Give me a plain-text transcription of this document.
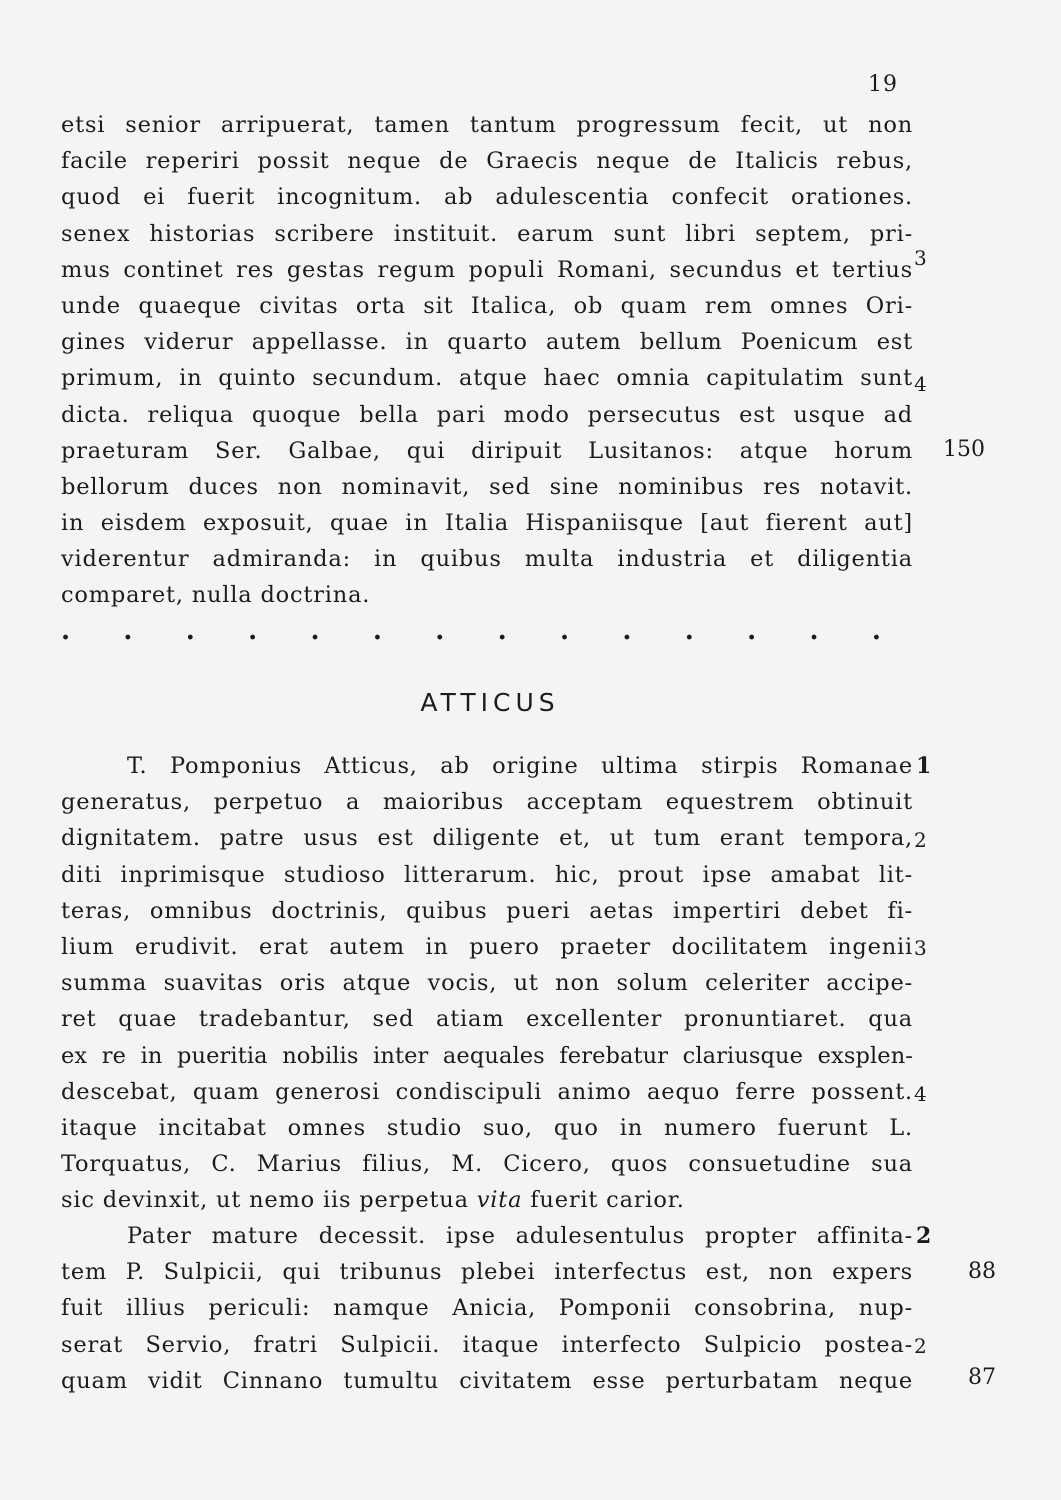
19
etsi senior arripuerat, tamen tantum progressum fecit, ut non
facile reperiri possit neque de Graecis neque de Italicis rebus,
quod ei fuerit incognitum. ab adulescentia confecit orationes.
senex historias scribere instituit. earum sunt libri septem, pri-
mus continet res gestas regum populi Romani, secundus et tertius
unde quaeque civitas orta sit Italica, ob quam rem omnes Ori-
gines viderur appellasse. in quarto autem bellum Poenicum est
primum, in quinto secundum. atque haec omnia capitulatim sunt
dicta. reliqua quoque bella pari modo persecutus est usque ad
praeturam Ser. Galbae, qui diripuit Lusitanos: atque horum
bellorum duces non nominavit, sed sine nominibus res notavit.
in eisdem exposuit, quae in Italia Hispaniisque [aut fierent aut]
viderentur admiranda: in quibus multa industria et diligentia
comparet, nulla doctrina.
3
4
150
. . . . . . . . . . . . . .
ATTICUS
T. Pomponius Atticus, ab origine ultima stirpis Romanae
generatus, perpetuo a maioribus acceptam equestrem obtinuit
dignitatem. patre usus est diligente et, ut tum erant tempora,
diti inprimisque studioso litterarum. hic, prout ipse amabat lit-
teras, omnibus doctrinis, quibus pueri aetas impertiri debet fi-
lium erudivit. erat autem in puero praeter docilitatem ingenii
summa suavitas oris atque vocis, ut non solum celeriter accipe-
ret quae tradebantur, sed atiam excellenter pronuntiaret. qua
ex re in pueritia nobilis inter aequales ferebatur clariusque exsplen-
descebat, quam generosi condiscipuli animo aequo ferre possent.
itaque incitabat omnes studio suo, quo in numero fuerunt L.
Torquatus, C. Marius filius, M. Cicero, quos consuetudine sua
sic devinxit, ut nemo iis perpetua vita fuerit carior.
1
2
3
4
Pater mature decessit. ipse adulesentulus propter affinita-
tem P. Sulpicii, qui tribunus plebei interfectus est, non expers
fuit illius periculi: namque Anicia, Pomponii consobrina, nup-
serat Servio, fratri Sulpicii. itaque interfecto Sulpicio postea-
quam vidit Cinnano tumultu civitatem esse perturbatam neque
2
2
88
87
